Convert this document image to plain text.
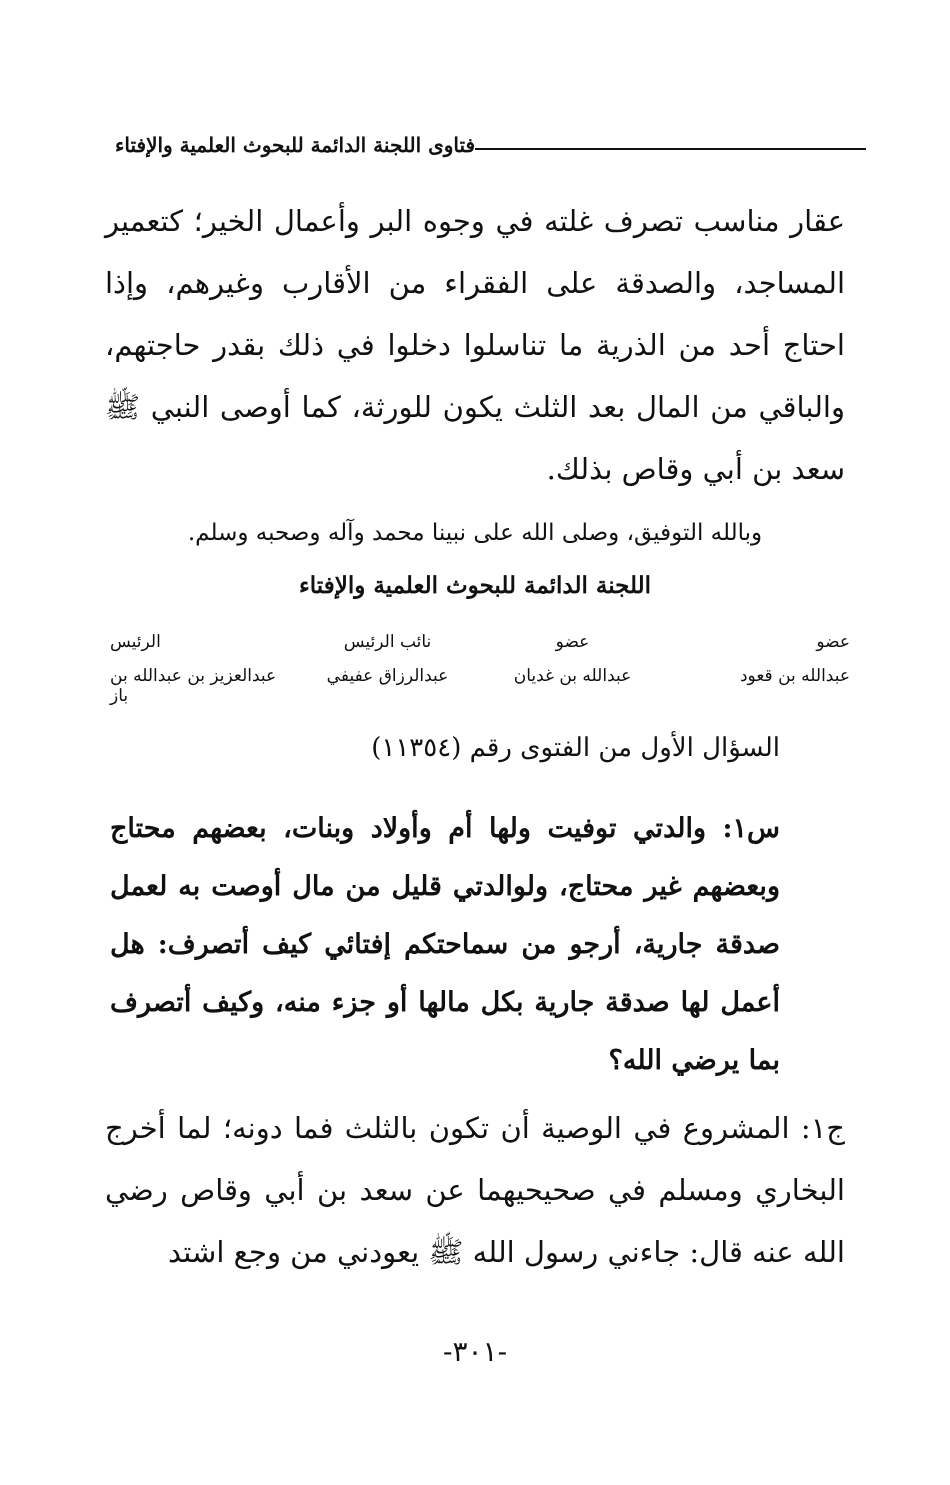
فتاوى اللجنة الدائمة للبحوث العلمية والإفتاء
عقار مناسب تصرف غلته في وجوه البر وأعمال الخير؛ كتعمير المساجد، والصدقة على الفقراء من الأقارب وغيرهم، وإذا احتاج أحد من الذرية ما تناسلوا دخلوا في ذلك بقدر حاجتهم، والباقي من المال بعد الثلث يكون للورثة، كما أوصى النبي ﷺ سعد بن أبي وقاص بذلك.
وبالله التوفيق، وصلى الله على نبينا محمد وآله وصحبه وسلم.
اللجنة الدائمة للبحوث العلمية والإفتاء
عضو
عضو
نائب الرئيس
الرئيس
عبدالله بن قعود
عبدالله بن غديان
عبدالرزاق عفيفي
عبدالعزيز بن عبدالله بن باز
السؤال الأول من الفتوى رقم (١١٣٥٤)
س١: والدتي توفيت ولها أم وأولاد وبنات، بعضهم محتاج وبعضهم غير محتاج، ولوالدتي قليل من مال أوصت به لعمل صدقة جارية، أرجو من سماحتكم إفتائي كيف أتصرف: هل أعمل لها صدقة جارية بكل مالها أو جزء منه، وكيف أتصرف بما يرضي الله؟
ج١: المشروع في الوصية أن تكون بالثلث فما دونه؛ لما أخرج البخاري ومسلم في صحيحيهما عن سعد بن أبي وقاص رضي الله عنه قال: جاءني رسول الله ﷺ يعودني من وجع اشتد
-٣٠١-
